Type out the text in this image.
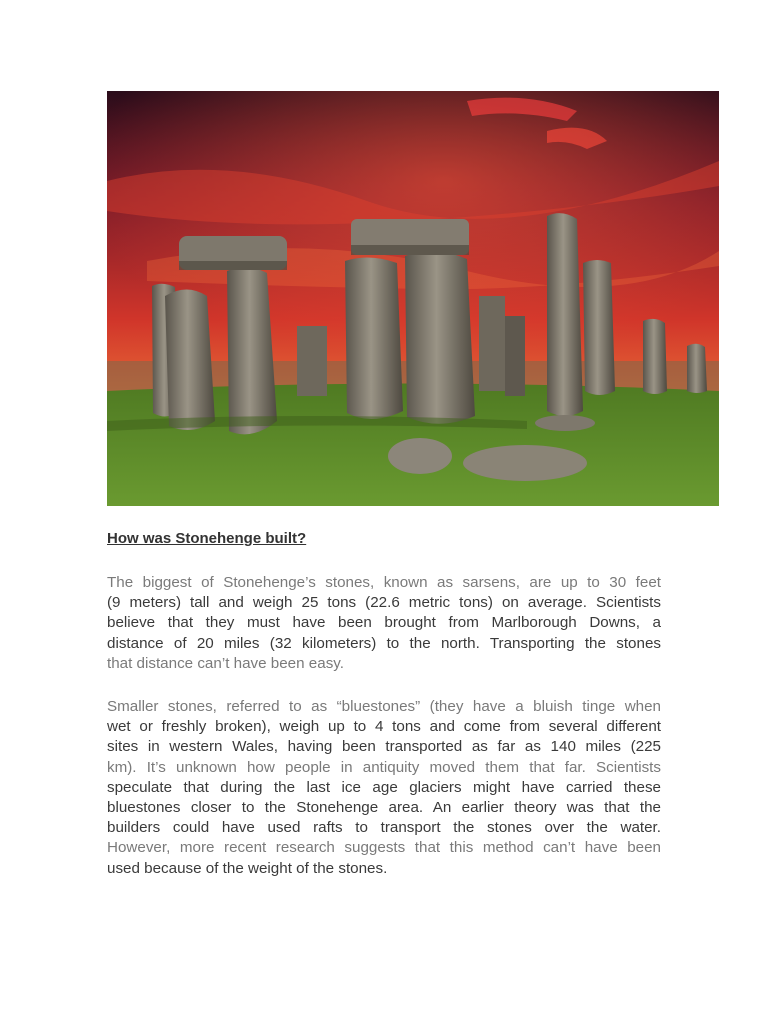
How was Stonehenge built?

The biggest of Stonehenge’s stones, known as sarsens, are up to 30 feet
(9 meters) tall and weigh 25 tons (22.6 metric tons) on average. Scientists
believe that they must have been brought from Marlborough Downs, a
distance of 20 miles (32 kilometers) to the north. Transporting the stones
that distance can’t have been easy.

Smaller stones, referred to as “bluestones” (they have a bluish tinge when
wet or freshly broken), weigh up to 4 tons and come from several different
sites in western Wales, having been transported as far as 140 miles (225
km). It’s unknown how people in antiquity moved them that far. Scientists
speculate that during the last ice age glaciers might have carried these
bluestones closer to the Stonehenge area. An earlier theory was that the
builders could have used rafts to transport the stones over the water.
However, more recent research suggests that this method can’t have been
used because of the weight of the stones.
